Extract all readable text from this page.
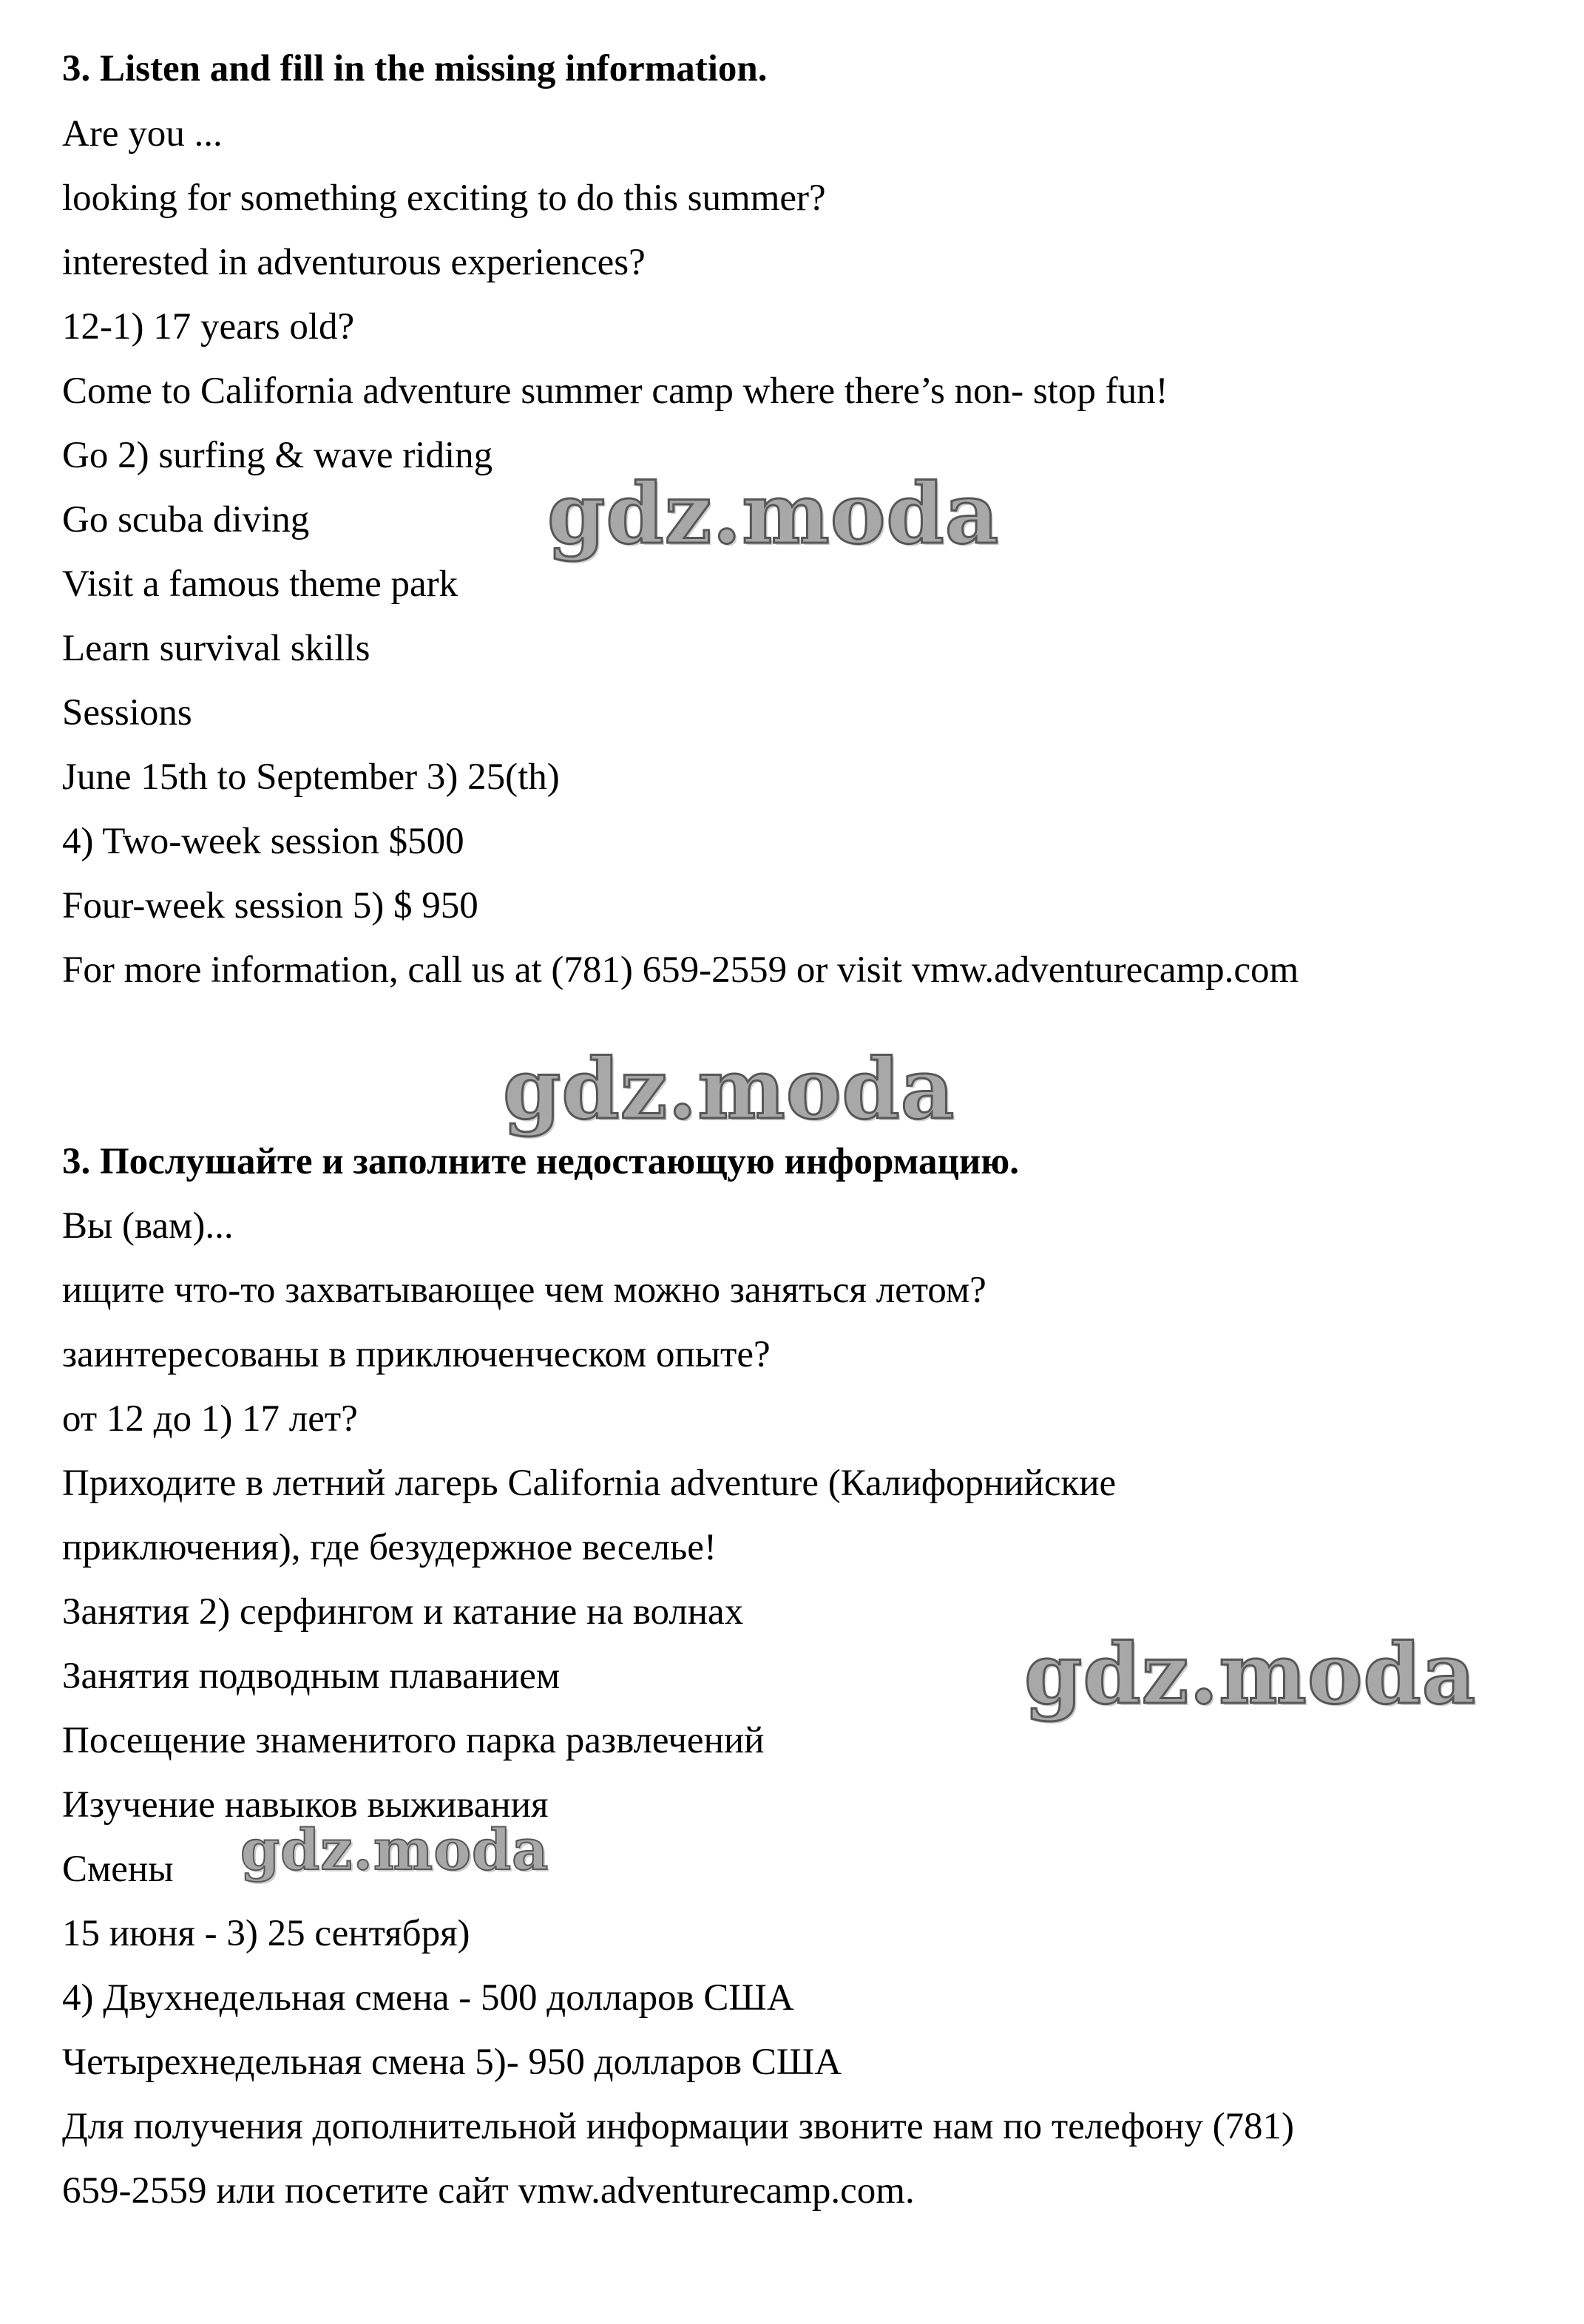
3. Listen and fill in the missing information.
Are you ...
looking for something exciting to do this summer?
interested in adventurous experiences?
12-1) 17 years old?
Come to California adventure summer camp where there’s non- stop fun!
Go 2) surfing & wave riding
Go scuba diving
Visit a famous theme park
Learn survival skills
Sessions
June 15th to September 3) 25(th)
4) Two-week session $500
Four-week session 5) $ 950
For more information, call us at (781) 659-2559 or visit vmw.adventurecamp.com
3. Послушайте и заполните недостающую информацию.
Вы (вам)...
ищите что-то захватывающее чем можно заняться летом?
заинтересованы в приключенческом опыте?
от 12 до 1) 17 лет?
Приходите в летний лагерь California adventure (Калифорнийские
приключения), где безудержное веселье!
Занятия 2) серфингом и катание на волнах
Занятия подводным плаванием
Посещение знаменитого парка развлечений
Изучение навыков выживания
Смены
15 июня - 3) 25 сентября)
4) Двухнедельная смена - 500 долларов США
Четырехнедельная смена 5)- 950 долларов США
Для получения дополнительной информации звоните нам по телефону (781)
659-2559 или посетите сайт vmw.adventurecamp.com.
gdz.moda
gdz.moda
gdz.moda
gdz.moda
